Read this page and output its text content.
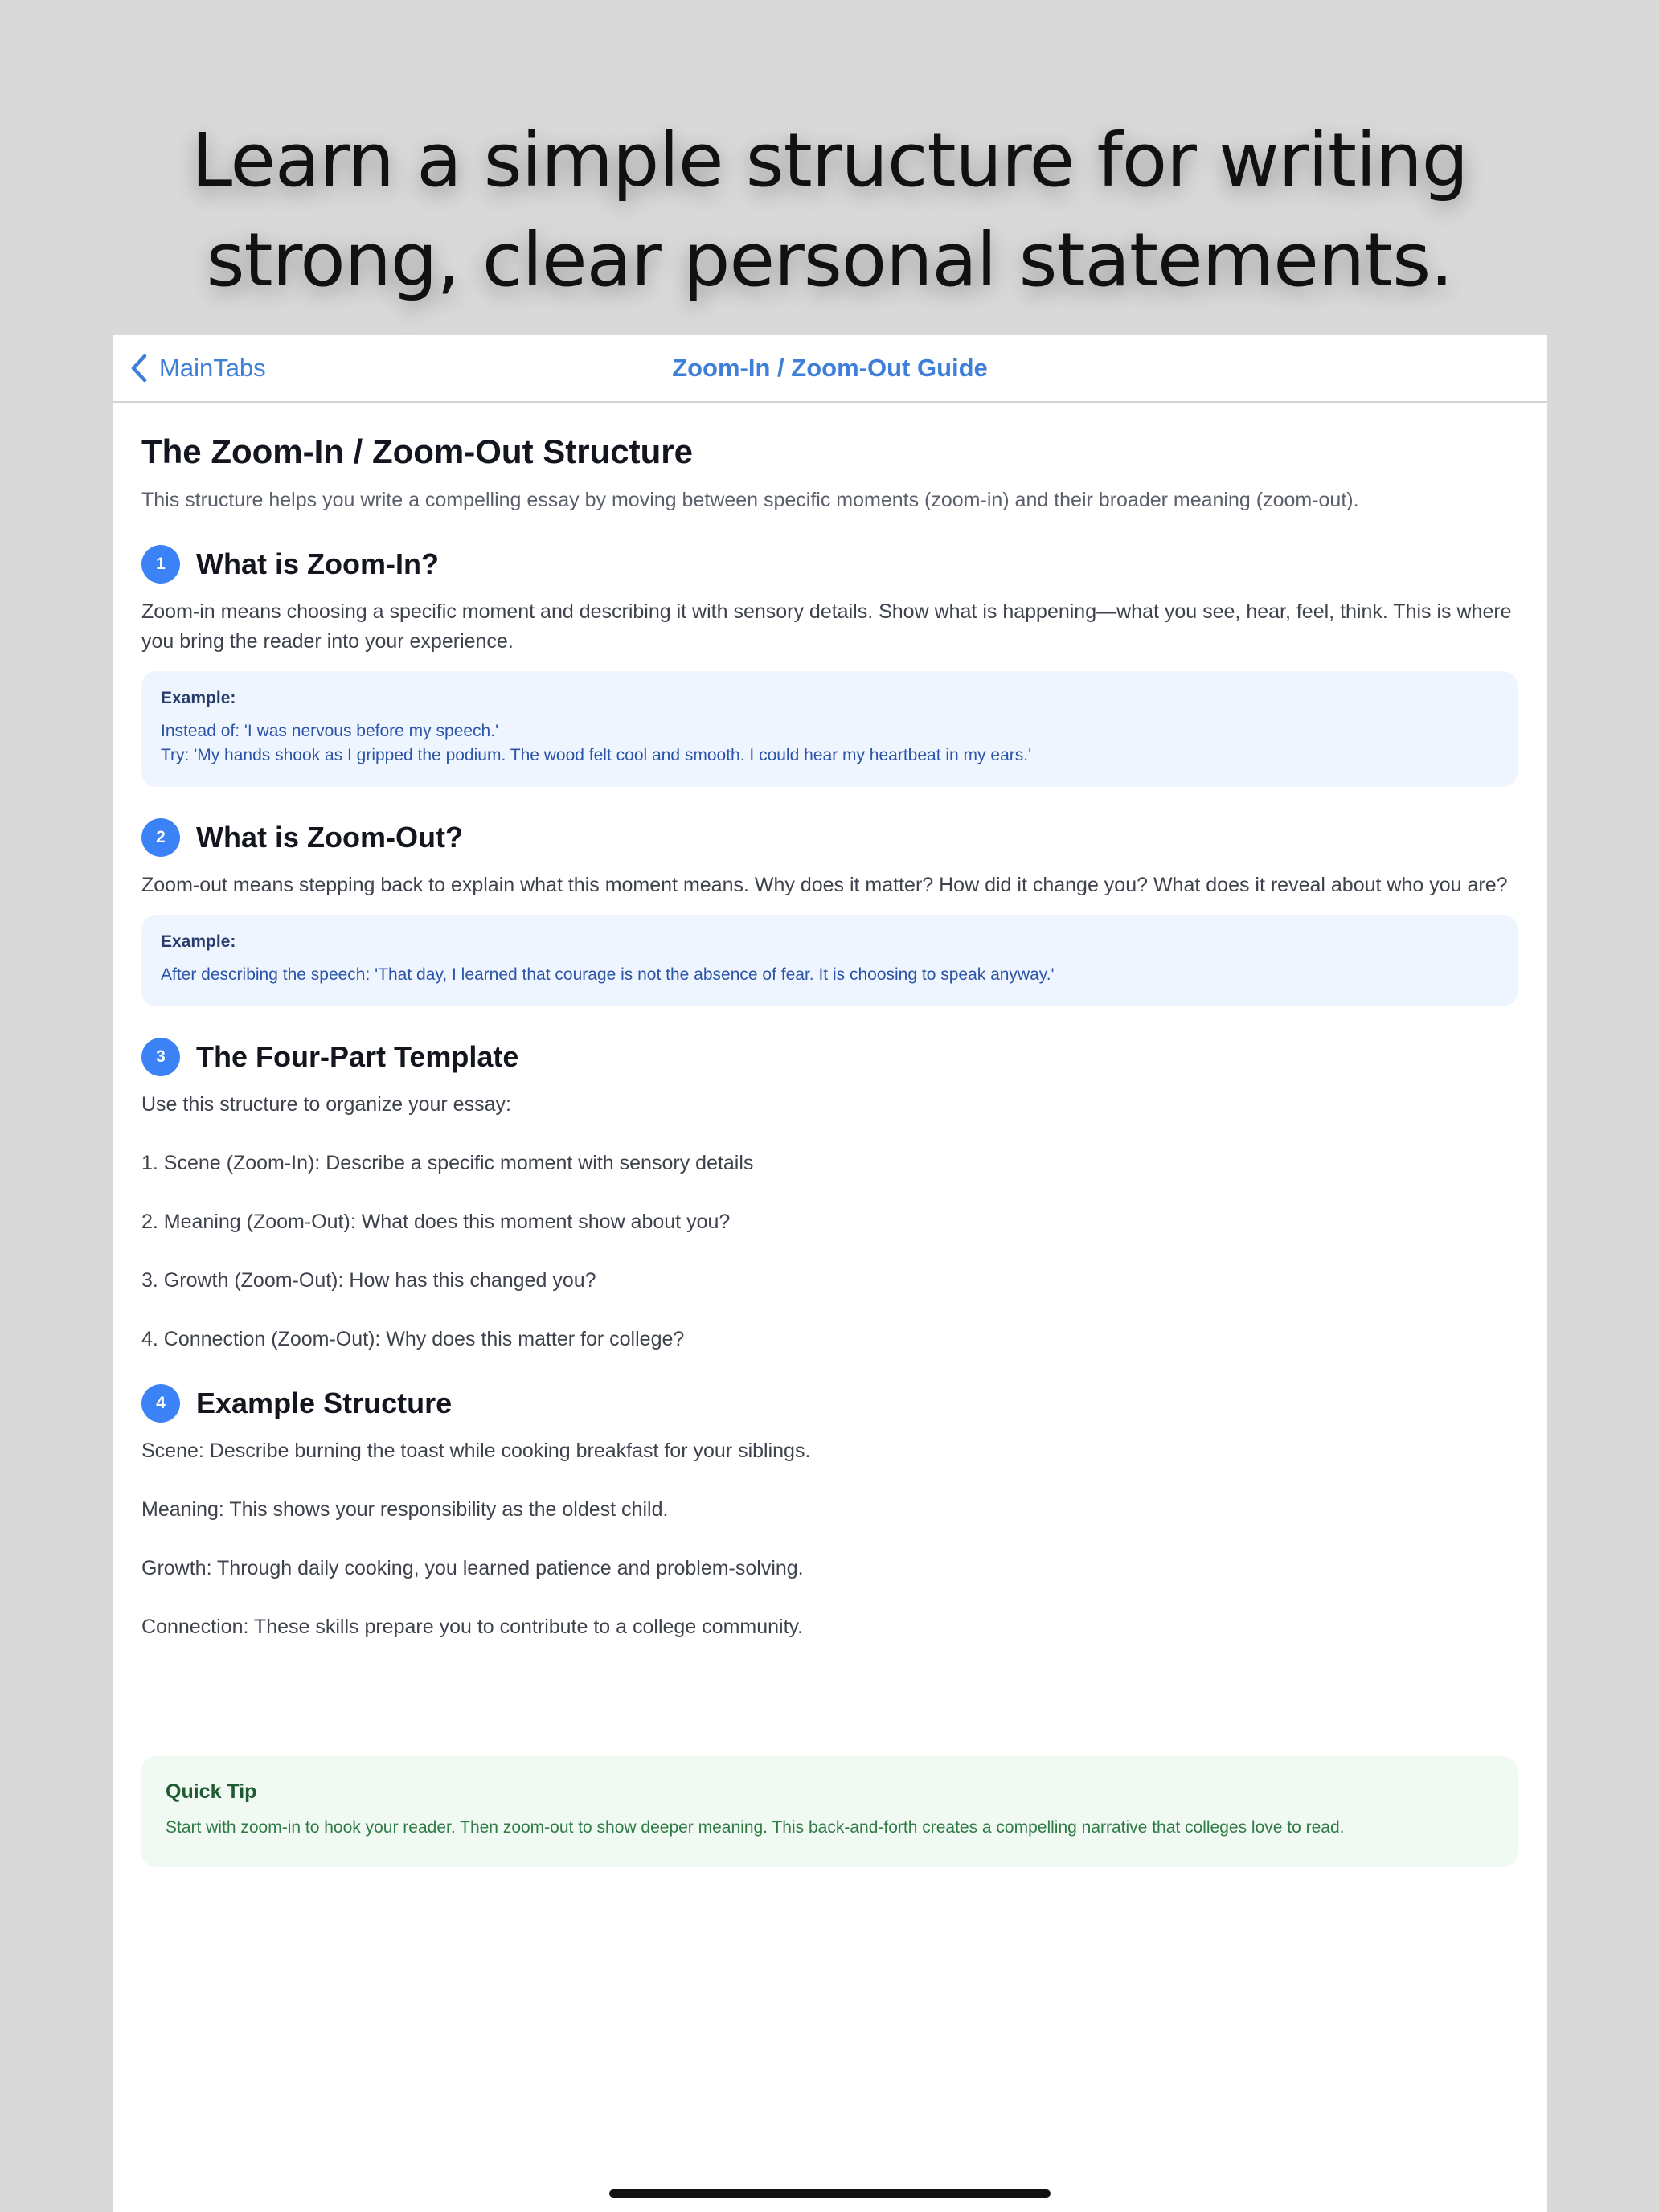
Learn a simple structure for writing
strong, clear personal statements.
MainTabs	Zoom-In / Zoom-Out Guide
The Zoom-In / Zoom-Out Structure

This structure helps you write a compelling essay by moving between specific moments (zoom-in) and their broader meaning (zoom-out).

1	What is Zoom-In?

Zoom-in means choosing a specific moment and describing it with sensory details. Show what is happening—what you see, hear, feel, think. This is where you bring the reader into your experience.

Example:
Instead of: 'I was nervous before my speech.'
Try: 'My hands shook as I gripped the podium. The wood felt cool and smooth. I could hear my heartbeat in my ears.'
2	What is Zoom-Out?

Zoom-out means stepping back to explain what this moment means. Why does it matter? How did it change you? What does it reveal about who you are?

Example:
After describing the speech: 'That day, I learned that courage is not the absence of fear. It is choosing to speak anyway.'
3	The Four-Part Template

Use this structure to organize your essay:

1. Scene (Zoom-In): Describe a specific moment with sensory details

2. Meaning (Zoom-Out): What does this moment show about you?

3. Growth (Zoom-Out): How has this changed you?

4. Connection (Zoom-Out): Why does this matter for college?

4	Example Structure

Scene: Describe burning the toast while cooking breakfast for your siblings.

Meaning: This shows your responsibility as the oldest child.

Growth: Through daily cooking, you learned patience and problem-solving.

Connection: These skills prepare you to contribute to a college community.

Quick Tip
Start with zoom-in to hook your reader. Then zoom-out to show deeper meaning. This back-and-forth creates a compelling narrative that colleges love to read.
